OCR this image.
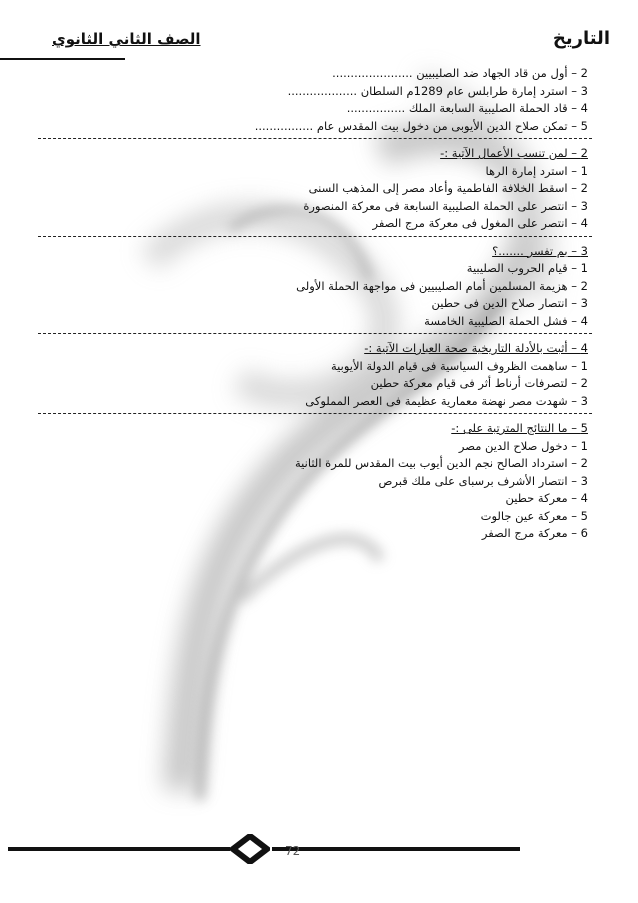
التاريخ
الصف الثاني الثانوي
2 – أول من قاد الجهاد ضد الصليبيين ......................
3 – استرد إمارة طرابلس عام 1289م السلطان ...................
4 – قاد الحملة الصليبية السابعة الملك ................
5 – تمكن صلاح الدين الأيوبى من دخول بيت المقدس عام ................
2 – لمن تنسب الأعمال الآتية :-
1 – استرد إمارة الرها
2 – اسقط الخلافة الفاطمية وأعاد مصر إلى المذهب السنى
3 – انتصر على الحملة الصليبية السابعة فى معركة المنصورة
4 – انتصر على المغول فى معركة مرج الصفر
3 – بم تفسر .......؟
1 – قيام الحروب الصليبية
2 – هزيمة المسلمين أمام الصليبيين فى مواجهة الحملة الأولى
3 – انتصار صلاح الدين فى حطين
4 – فشل الحملة الصليبية الخامسة
4 – أثبت بالأدلة التاريخية صحة العبارات الآتية :-
1 – ساهمت الظروف السياسية فى قيام الدولة الأيوبية
2 – لتصرفات أرناط أثر فى قيام معركة حطين
3 – شهدت مصر نهضة معمارية عظيمة فى العصر المملوكى
5 – ما النتائج المترتبة على :-
1 – دخول صلاح الدين مصر
2 – استرداد الصالح نجم الدين أيوب بيت المقدس للمرة الثانية
3 – انتصار الأشرف برسباى على ملك قبرص
4 – معركة حطين
5 – معركة عين جالوت
6 – معركة مرج الصفر
72
